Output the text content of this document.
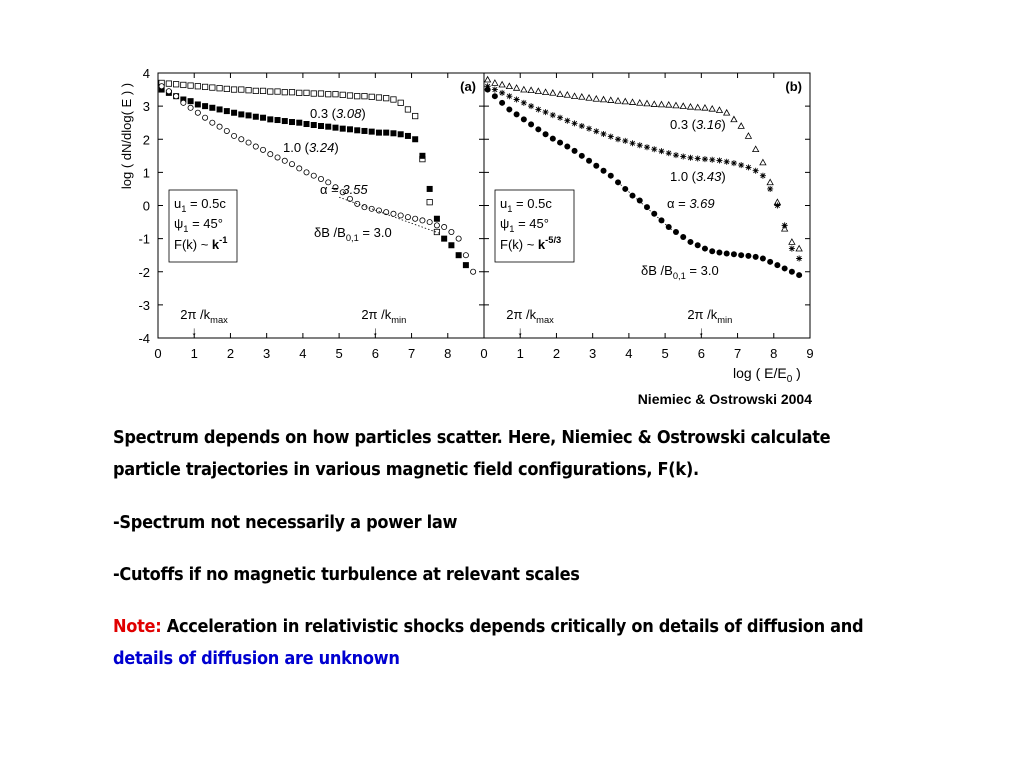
0 1 2 3 4 5 6 7 8
4
3
2
1
0
-1
-2
-3
-4
(a)
0.3 (3.08)
1.0 (3.24)
α = 3.55
δB $/B_{0,1} = 3.0$
2π $/k_{max}$
↓
2π $/k_{min}$
↓
$u_1 = 0.5c$
$\psi_1 = 45^\circ$
F(k) ~ $k^{-1}$
0 1 2 3 4 5 6 7 8 9
(b)
0.3 (3.16)
1.0 (3.43)
α = 3.69
δB $/B_{0,1} = 3.0$
2π $/k_{max}$
↓
2π $/k_{min}$
↓
$u_1 = 0.5c$
$\psi_1 = 45^\circ$
F(k) ~ $k^{-5/3}$
log ( dN/dlog( E ) )
log ( $E/E_0$ )
Niemiec & Ostrowski 2004

Spectrum depends on how particles scatter. Here, Niemiec & Ostrowski calculate
particle trajectories in various magnetic field configurations, F(k).

-Spectrum not necessarily a power law

-Cutoffs if no magnetic turbulence at relevant scales

Note: Acceleration in relativistic shocks depends critically on details of diffusion and
details of diffusion are unknown
